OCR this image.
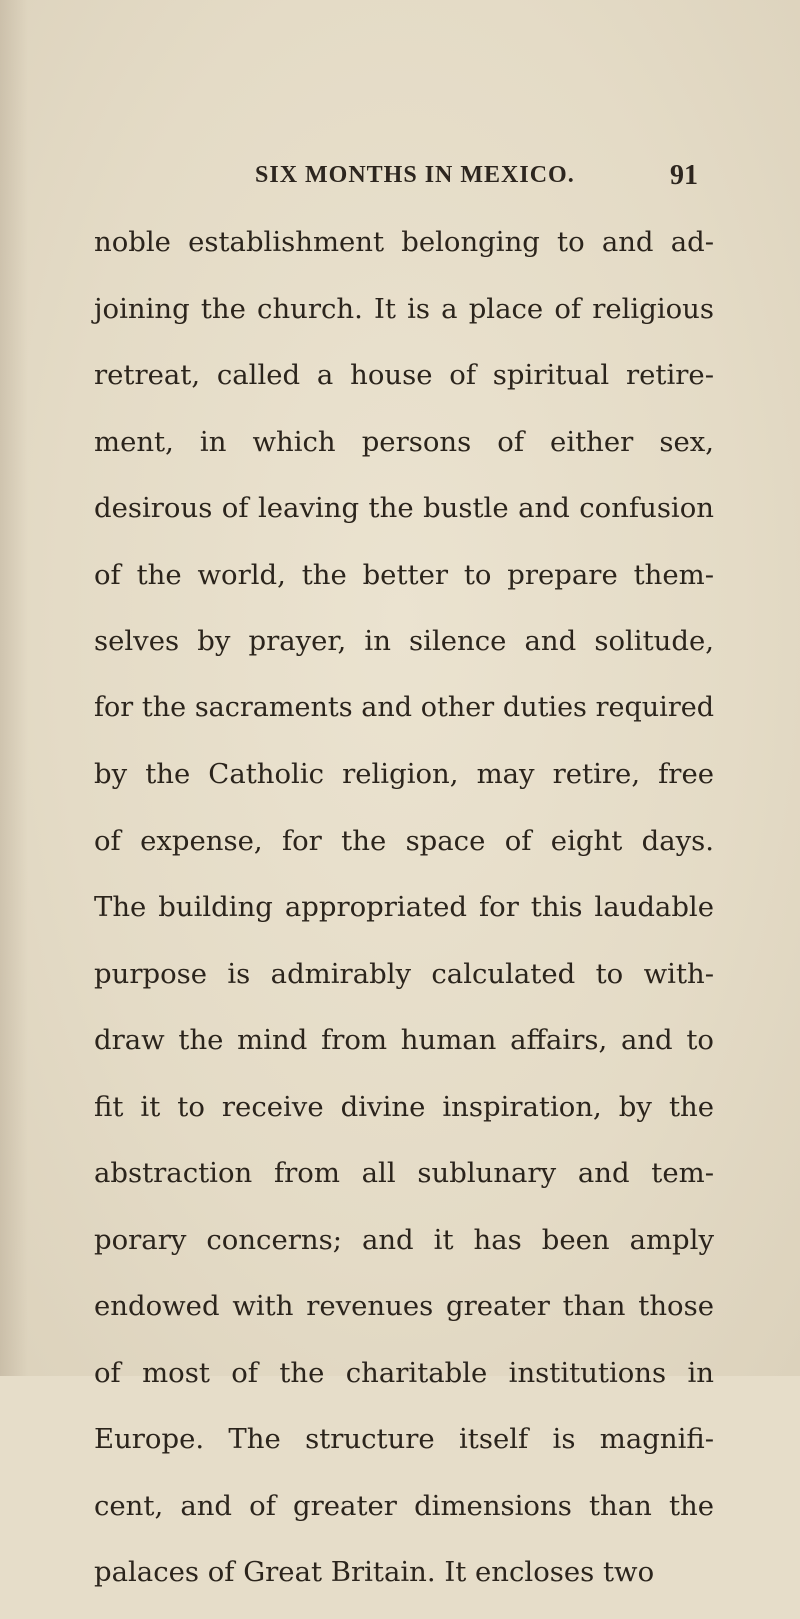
SIX MONTHS IN MEXICO.	91
noble establishment belonging to and ad-
joining the church. It is a place of religious
retreat, called a house of spiritual retire-
ment, in which persons of either sex,
desirous of leaving the bustle and confusion
of the world, the better to prepare them-
selves by prayer, in silence and solitude,
for the sacraments and other duties required
by the Catholic religion, may retire, free
of expense, for the space of eight days.
The building appropriated for this laudable
purpose is admirably calculated to with-
draw the mind from human affairs, and to
fit it to receive divine inspiration, by the
abstraction from all sublunary and tem-
porary concerns; and it has been amply
endowed with revenues greater than those
of most of the charitable institutions in
Europe. The structure itself is magnifi-
cent, and of greater dimensions than the
palaces of Great Britain. It encloses two
